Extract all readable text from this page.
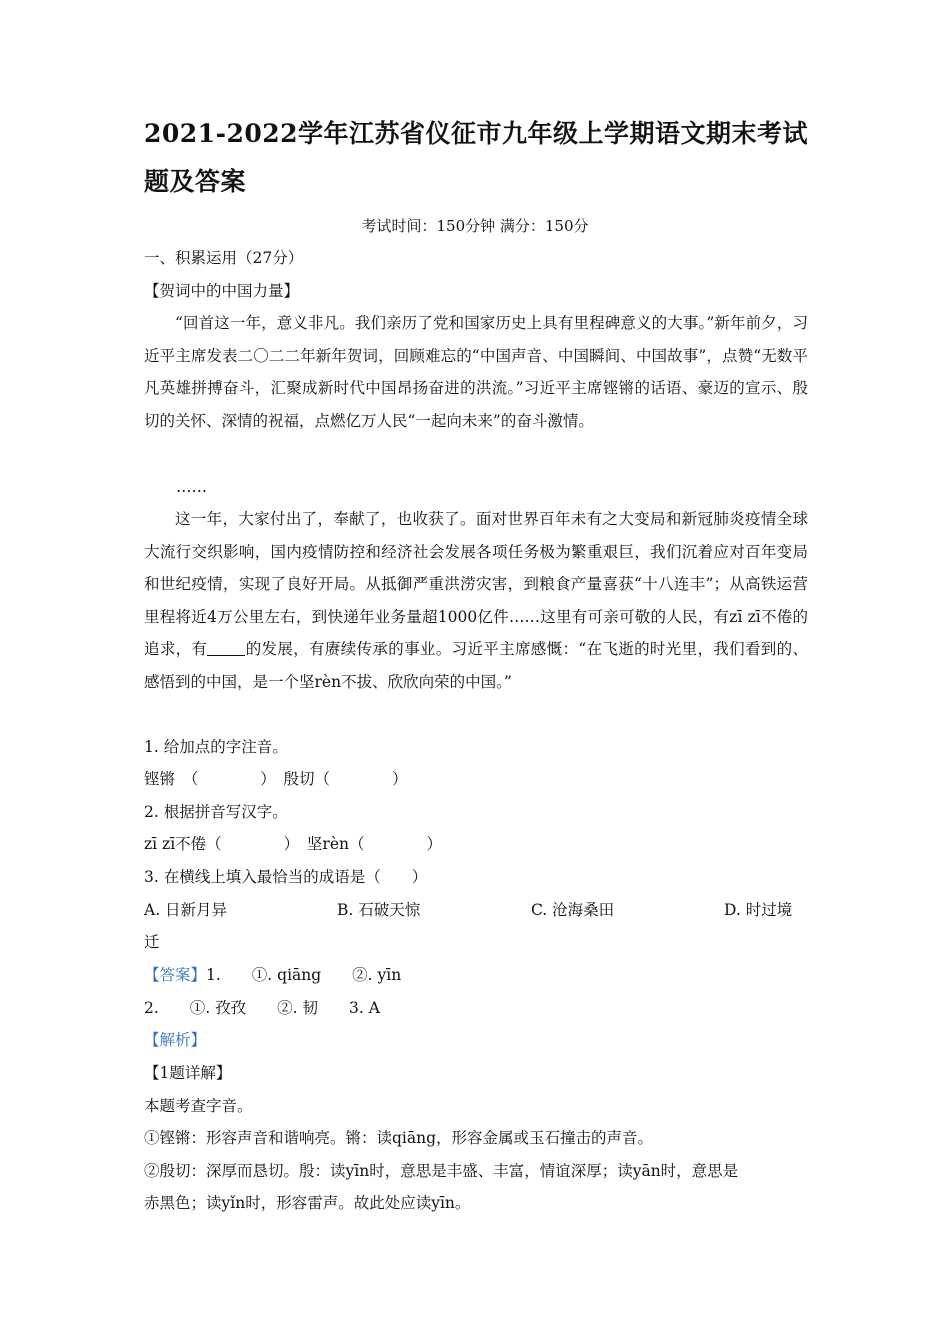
2021-2022学年江苏省仪征市九年级上学期语文期末考试题及答案
考试时间：150分钟 满分：150分
一、积累运用（27分）
【贺词中的中国力量】
“回首这一年，意义非凡。我们亲历了党和国家历史上具有里程碑意义的大事。”新年前夕，习近平主席发表二〇二二年新年贺词，回顾难忘的“中国声音、中国瞬间、中国故事”，点赞“无数平凡英雄拼搏奋斗，汇聚成新时代中国昂扬奋进的洪流。”习近平主席铿锵的话语、豪迈的宣示、殷切的关怀、深情的祝福，点燃亿万人民“一起向未来”的奋斗激情。
……
这一年，大家付出了，奉献了，也收获了。面对世界百年未有之大变局和新冠肺炎疫情全球大流行交织影响，国内疫情防控和经济社会发展各项任务极为繁重艰巨，我们沉着应对百年变局和世纪疫情，实现了良好开局。从抵御严重洪涝灾害，到粮食产量喜获“十八连丰”；从高铁运营里程将近4万公里左右，到快递年业务量超1000亿件……这里有可亲可敬的人民，有zī zī不倦的追求，有 的发展，有赓续传承的事业。习近平主席感慨：“在飞逝的时光里，我们看到的、感悟到的中国，是一个坚rèn不拔、欣欣向荣的中国。”
1. 给加点的字注音。
铿锵　（　　　　）　殷切（　　　　）
2. 根据拼音写汉字。
zī zī不倦（　　　　）　坚rèn（　　　　）
3. 在横线上填入最恰当的成语是（　　）
A. 日新月异	B. 石破天惊	C. 沧海桑田	D. 时过境
迁
【答案】1.　　①. qiāng　　②. yīn
2.　　①. 孜孜　　②. 韧　　3. A
【解析】
【1题详解】
本题考查字音。
①铿锵：形容声音和谐响亮。锵：读qiāng，形容金属或玉石撞击的声音。
②殷切：深厚而恳切。殷：读yīn时，意思是丰盛、丰富，情谊深厚；读yān时，意思是
赤黑色；读yǐn时，形容雷声。故此处应读yīn。
